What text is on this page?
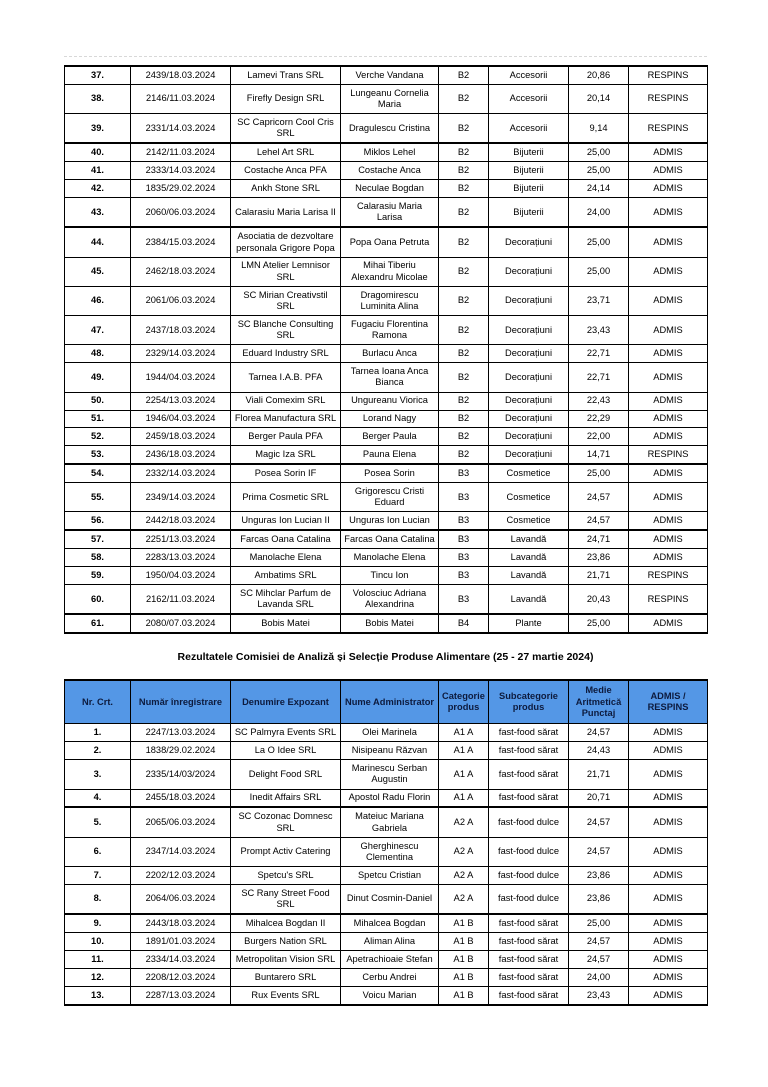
37.	2439/18.03.2024	Lamevi Trans SRL	Verche Vandana	B2	Accesorii	20,86	RESPINS
38.	2146/11.03.2024	Firefly Design SRL	Lungeanu Cornelia Maria	B2	Accesorii	20,14	RESPINS
39.	2331/14.03.2024	SC Capricorn Cool Cris SRL	Dragulescu Cristina	B2	Accesorii	9,14	RESPINS
40.	2142/11.03.2024	Lehel Art SRL	Miklos Lehel	B2	Bijuterii	25,00	ADMIS
41.	2333/14.03.2024	Costache Anca PFA	Costache Anca	B2	Bijuterii	25,00	ADMIS
42.	1835/29.02.2024	Ankh Stone SRL	Neculae Bogdan	B2	Bijuterii	24,14	ADMIS
43.	2060/06.03.2024	Calarasiu Maria Larisa II	Calarasiu Maria Larisa	B2	Bijuterii	24,00	ADMIS
44.	2384/15.03.2024	Asociatia de dezvoltare personala Grigore Popa	Popa Oana Petruta	B2	Decorațiuni	25,00	ADMIS
45.	2462/18.03.2024	LMN Atelier Lemnisor SRL	Mihai Tiberiu Alexandru Micolae	B2	Decorațiuni	25,00	ADMIS
46.	2061/06.03.2024	SC Mirian Creativstil SRL	Dragomirescu Luminita Alina	B2	Decorațiuni	23,71	ADMIS
47.	2437/18.03.2024	SC Blanche Consulting SRL	Fugaciu Florentina Ramona	B2	Decorațiuni	23,43	ADMIS
48.	2329/14.03.2024	Eduard Industry SRL	Burlacu Anca	B2	Decorațiuni	22,71	ADMIS
49.	1944/04.03.2024	Tarnea I.A.B. PFA	Tarnea Ioana Anca Bianca	B2	Decorațiuni	22,71	ADMIS
50.	2254/13.03.2024	Viali Comexim SRL	Ungureanu Viorica	B2	Decorațiuni	22,43	ADMIS
51.	1946/04.03.2024	Florea Manufactura SRL	Lorand Nagy	B2	Decorațiuni	22,29	ADMIS
52.	2459/18.03.2024	Berger Paula PFA	Berger Paula	B2	Decorațiuni	22,00	ADMIS
53.	2436/18.03.2024	Magic Iza SRL	Pauna Elena	B2	Decorațiuni	14,71	RESPINS
54.	2332/14.03.2024	Posea Sorin IF	Posea Sorin	B3	Cosmetice	25,00	ADMIS
55.	2349/14.03.2024	Prima Cosmetic SRL	Grigorescu Cristi Eduard	B3	Cosmetice	24,57	ADMIS
56.	2442/18.03.2024	Unguras Ion Lucian II	Unguras Ion Lucian	B3	Cosmetice	24,57	ADMIS
57.	2251/13.03.2024	Farcas Oana Catalina	Farcas Oana Catalina	B3	Lavandă	24,71	ADMIS
58.	2283/13.03.2024	Manolache Elena	Manolache Elena	B3	Lavandă	23,86	ADMIS
59.	1950/04.03.2024	Ambatims SRL	Tincu Ion	B3	Lavandă	21,71	RESPINS
60.	2162/11.03.2024	SC Mihclar Parfum de Lavanda SRL	Volosciuc Adriana Alexandrina	B3	Lavandă	20,43	RESPINS
61.	2080/07.03.2024	Bobis Matei	Bobis Matei	B4	Plante	25,00	ADMIS
Rezultatele Comisiei de Analiză și Selecție Produse Alimentare (25 - 27 martie 2024)
Nr. Crt.	Număr înregistrare	Denumire Expozant	Nume Administrator	Categorie produs	Subcategorie produs	Medie Aritmetică Punctaj	ADMIS / RESPINS
1.	2247/13.03.2024	SC Palmyra Events SRL	Olei Marinela	A1 A	fast-food sărat	24,57	ADMIS
2.	1838/29.02.2024	La O Idee SRL	Nisipeanu Răzvan	A1 A	fast-food sărat	24,43	ADMIS
3.	2335/14/03/2024	Delight Food SRL	Marinescu Serban Augustin	A1 A	fast-food sărat	21,71	ADMIS
4.	2455/18.03.2024	Inedit Affairs SRL	Apostol Radu Florin	A1 A	fast-food sărat	20,71	ADMIS
5.	2065/06.03.2024	SC Cozonac Domnesc SRL	Mateiuc Mariana Gabriela	A2 A	fast-food dulce	24,57	ADMIS
6.	2347/14.03.2024	Prompt Activ Catering	Gherghinescu Clementina	A2 A	fast-food dulce	24,57	ADMIS
7.	2202/12.03.2024	Spetcu's SRL	Spetcu Cristian	A2 A	fast-food dulce	23,86	ADMIS
8.	2064/06.03.2024	SC Rany Street Food SRL	Dinut Cosmin-Daniel	A2 A	fast-food dulce	23,86	ADMIS
9.	2443/18.03.2024	Mihalcea Bogdan II	Mihalcea Bogdan	A1 B	fast-food sărat	25,00	ADMIS
10.	1891/01.03.2024	Burgers Nation SRL	Aliman Alina	A1 B	fast-food sărat	24,57	ADMIS
11.	2334/14.03.2024	Metropolitan Vision SRL	Apetrachioaie Stefan	A1 B	fast-food sărat	24,57	ADMIS
12.	2208/12.03.2024	Buntarero SRL	Cerbu Andrei	A1 B	fast-food sărat	24,00	ADMIS
13.	2287/13.03.2024	Rux Events SRL	Voicu Marian	A1 B	fast-food sărat	23,43	ADMIS
